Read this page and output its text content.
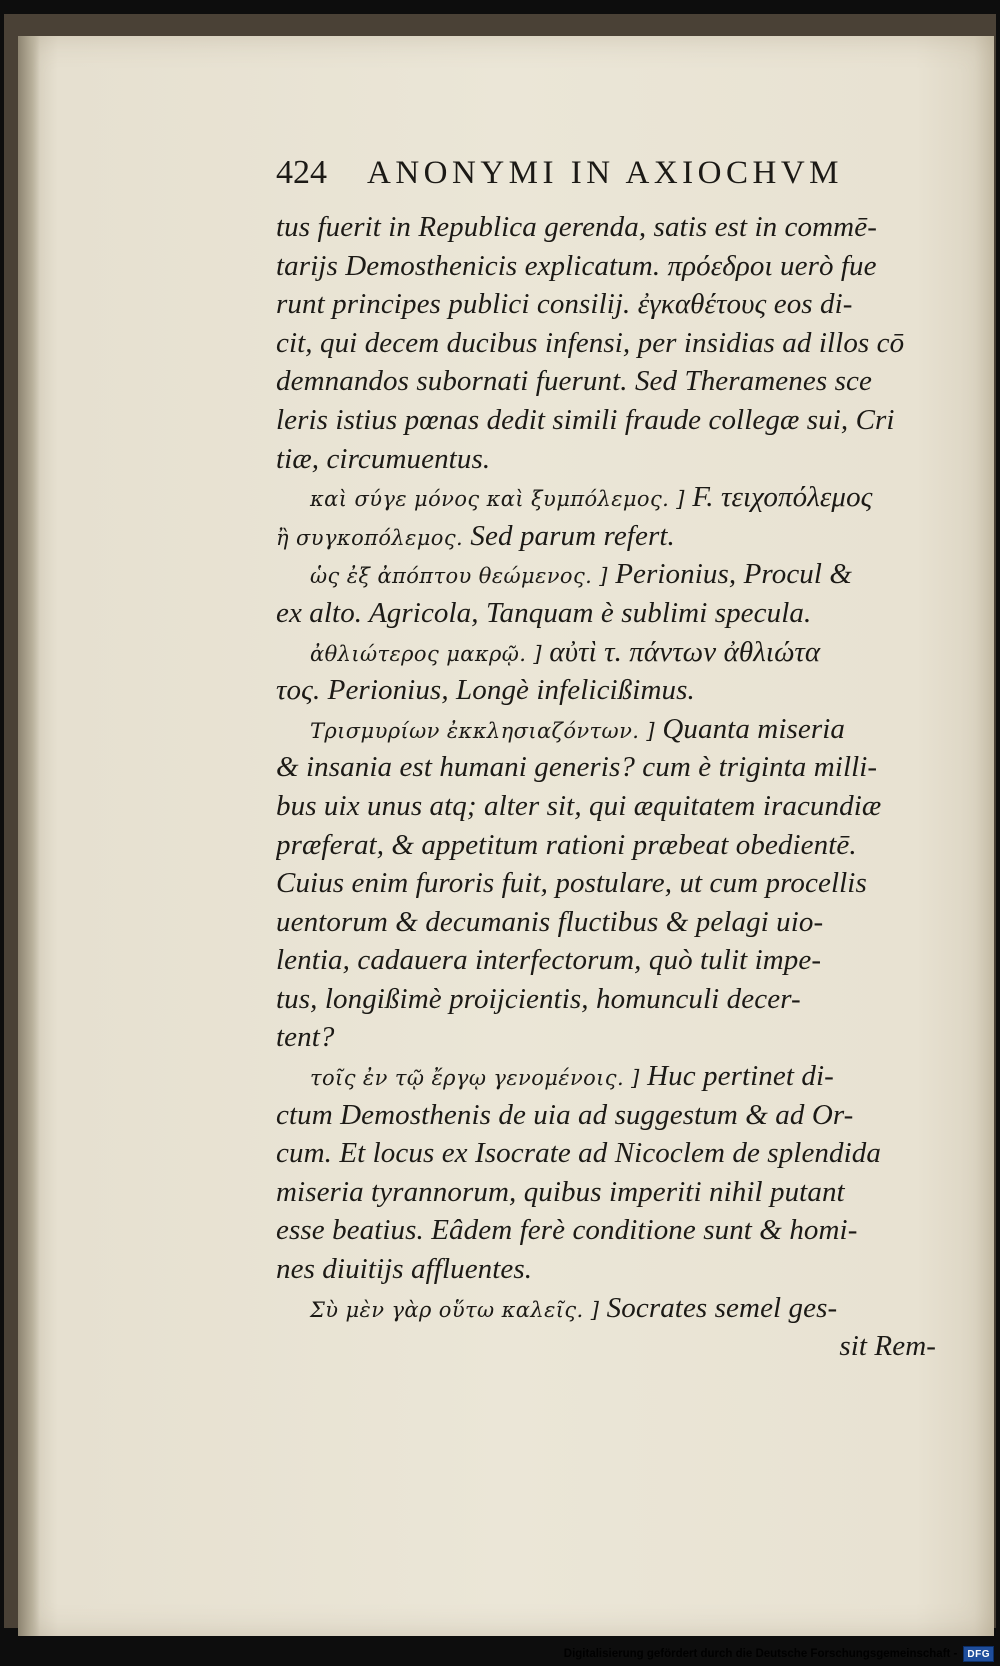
424 ANONYMI IN AXIOCHVM
tus fuerit in Republica gerenda, satis est in commē-
tarijs Demosthenicis explicatum. πρόεδροι uerò fue
runt principes publici consilij. ἐγκαθέτους eos di-
cit, qui decem ducibus infensi, per insidias ad illos cō
demnandos subornati fuerunt. Sed Theramenes sce
leris istius pœnas dedit simili fraude collegæ sui, Cri
tiæ, circumuentus.
καὶ σύγε μόνος καὶ ξυμπόλεμος. ] F. τειχοπόλεμος
ἢ συγκοπόλεμος. Sed parum refert.
ὡς ἐξ ἀπόπτου θεώμενος. ] Perionius, Procul &
ex alto. Agricola, Tanquam è sublimi specula.
ἀθλιώτερος μακρῷ. ] αὐτὶ τ. πάντων ἀθλιώτα
τος. Perionius, Longè infelicißimus.
Τρισμυρίων ἐκκλησιαζόντων. ] Quanta miseria
& insania est humani generis? cum è triginta milli-
bus uix unus atq; alter sit, qui æquitatem iracundiæ
præferat, & appetitum rationi præbeat obedientē.
Cuius enim furoris fuit, postulare, ut cum procellis
uentorum & decumanis fluctibus & pelagi uio-
lentia, cadauera interfectorum, quò tulit impe-
tus, longißimè proijcientis, homunculi decer-
tent?
τοῖς ἐν τῷ ἔργῳ γενομένοις. ] Huc pertinet di-
ctum Demosthenis de uia ad suggestum & ad Or-
cum. Et locus ex Isocrate ad Nicoclem de splendida
miseria tyrannorum, quibus imperiti nihil putant
esse beatius. Eâdem ferè conditione sunt & homi-
nes diuitijs affluentes.
Σὺ μὲν γὰρ οὕτω καλεῖς. ] Socrates semel ges-
sit Rem-
Digitalisierung gefördert durch die Deutsche Forschungsgemeinschaft -	DFG
